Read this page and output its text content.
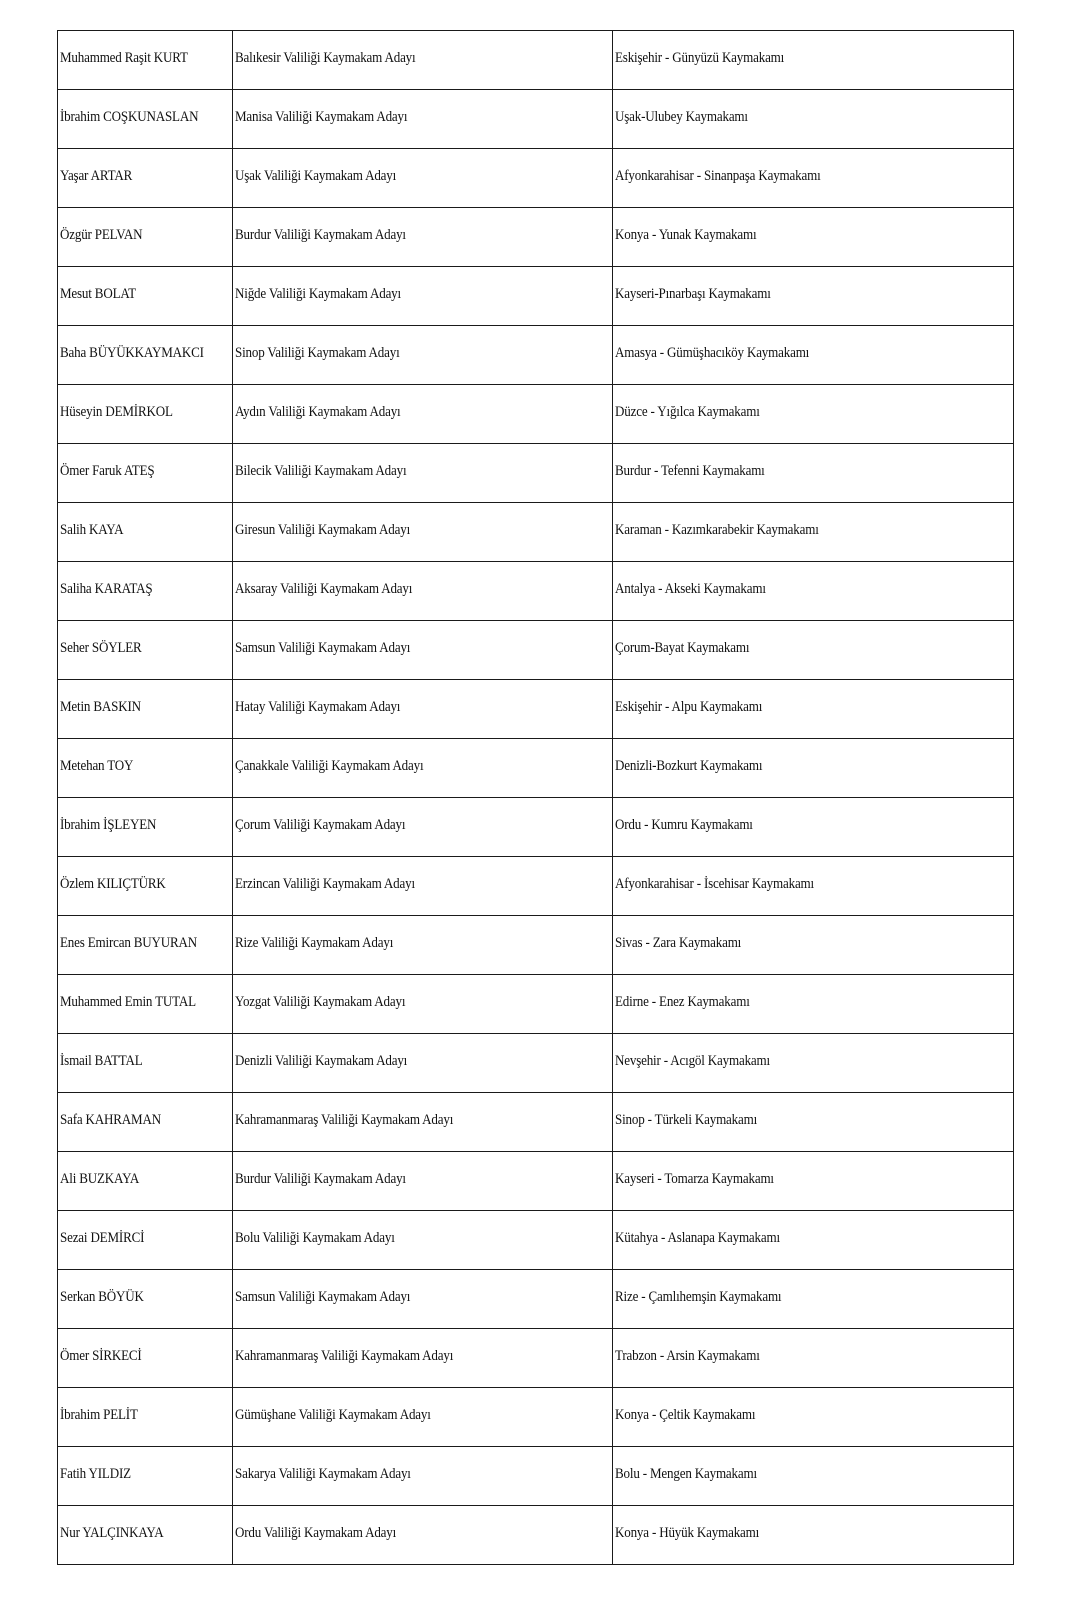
Muhammed Raşit KURT	Balıkesir Valiliği Kaymakam Adayı	Eskişehir - Günyüzü Kaymakamı
İbrahim COŞKUNASLAN	Manisa Valiliği Kaymakam Adayı	Uşak-Ulubey Kaymakamı
Yaşar ARTAR	Uşak Valiliği Kaymakam Adayı	Afyonkarahisar - Sinanpaşa Kaymakamı
Özgür PELVAN	Burdur Valiliği Kaymakam Adayı	Konya - Yunak Kaymakamı
Mesut BOLAT	Niğde Valiliği Kaymakam Adayı	Kayseri-Pınarbaşı Kaymakamı
Baha BÜYÜKKAYMAKCI	Sinop Valiliği Kaymakam Adayı	Amasya - Gümüşhacıköy Kaymakamı
Hüseyin DEMİRKOL	Aydın Valiliği Kaymakam Adayı	Düzce - Yığılca Kaymakamı
Ömer Faruk ATEŞ	Bilecik Valiliği Kaymakam Adayı	Burdur - Tefenni Kaymakamı
Salih KAYA	Giresun Valiliği Kaymakam Adayı	Karaman - Kazımkarabekir Kaymakamı
Saliha KARATAŞ	Aksaray Valiliği Kaymakam Adayı	Antalya - Akseki Kaymakamı
Seher SÖYLER	Samsun Valiliği Kaymakam Adayı	Çorum-Bayat Kaymakamı
Metin BASKIN	Hatay Valiliği Kaymakam Adayı	Eskişehir - Alpu Kaymakamı
Metehan TOY	Çanakkale Valiliği Kaymakam Adayı	Denizli-Bozkurt Kaymakamı
İbrahim İŞLEYEN	Çorum Valiliği Kaymakam Adayı	Ordu - Kumru Kaymakamı
Özlem KILIÇTÜRK	Erzincan Valiliği Kaymakam Adayı	Afyonkarahisar - İscehisar Kaymakamı
Enes Emircan BUYURAN	Rize Valiliği Kaymakam Adayı	Sivas - Zara Kaymakamı
Muhammed Emin TUTAL	Yozgat Valiliği Kaymakam Adayı	Edirne - Enez Kaymakamı
İsmail BATTAL	Denizli Valiliği Kaymakam Adayı	Nevşehir - Acıgöl Kaymakamı
Safa KAHRAMAN	Kahramanmaraş Valiliği Kaymakam Adayı	Sinop - Türkeli Kaymakamı
Ali BUZKAYA	Burdur Valiliği Kaymakam Adayı	Kayseri - Tomarza Kaymakamı
Sezai DEMİRCİ	Bolu Valiliği Kaymakam Adayı	Kütahya - Aslanapa Kaymakamı
Serkan BÖYÜK	Samsun Valiliği Kaymakam Adayı	Rize - Çamlıhemşin Kaymakamı
Ömer SİRKECİ	Kahramanmaraş Valiliği Kaymakam Adayı	Trabzon - Arsin Kaymakamı
İbrahim PELİT	Gümüşhane Valiliği Kaymakam Adayı	Konya - Çeltik Kaymakamı
Fatih YILDIZ	Sakarya Valiliği Kaymakam Adayı	Bolu - Mengen Kaymakamı
Nur YALÇINKAYA	Ordu Valiliği Kaymakam Adayı	Konya - Hüyük Kaymakamı
